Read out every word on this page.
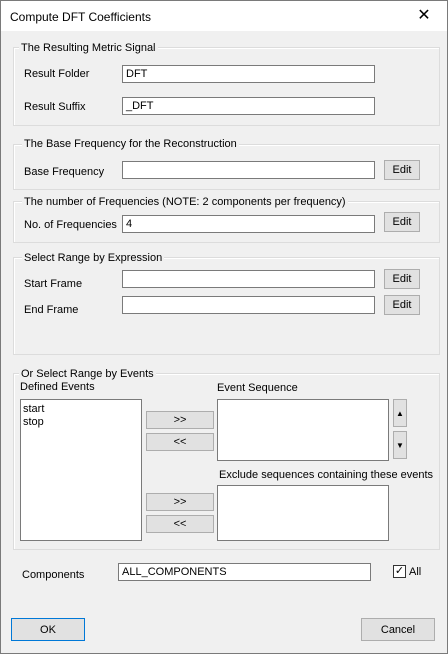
Compute DFT Coefficients	✕
The Resulting Metric Signal
Result Folder	DFT
Result Suffix	_DFT
The Base Frequency for the Reconstruction
Base Frequency	Edit
The number of Frequencies (NOTE: 2 components per frequency)
No. of Frequencies 4	Edit
Select Range by Expression
Start Frame	Edit
End Frame	Edit
Or Select Range by Events
Defined Events
start
stop	>>
<<
Event Sequence
▲
▼
Exclude sequences containing these events
>>
<<
Components	ALL_COMPONENTS	✓ All
OK	Cancel
